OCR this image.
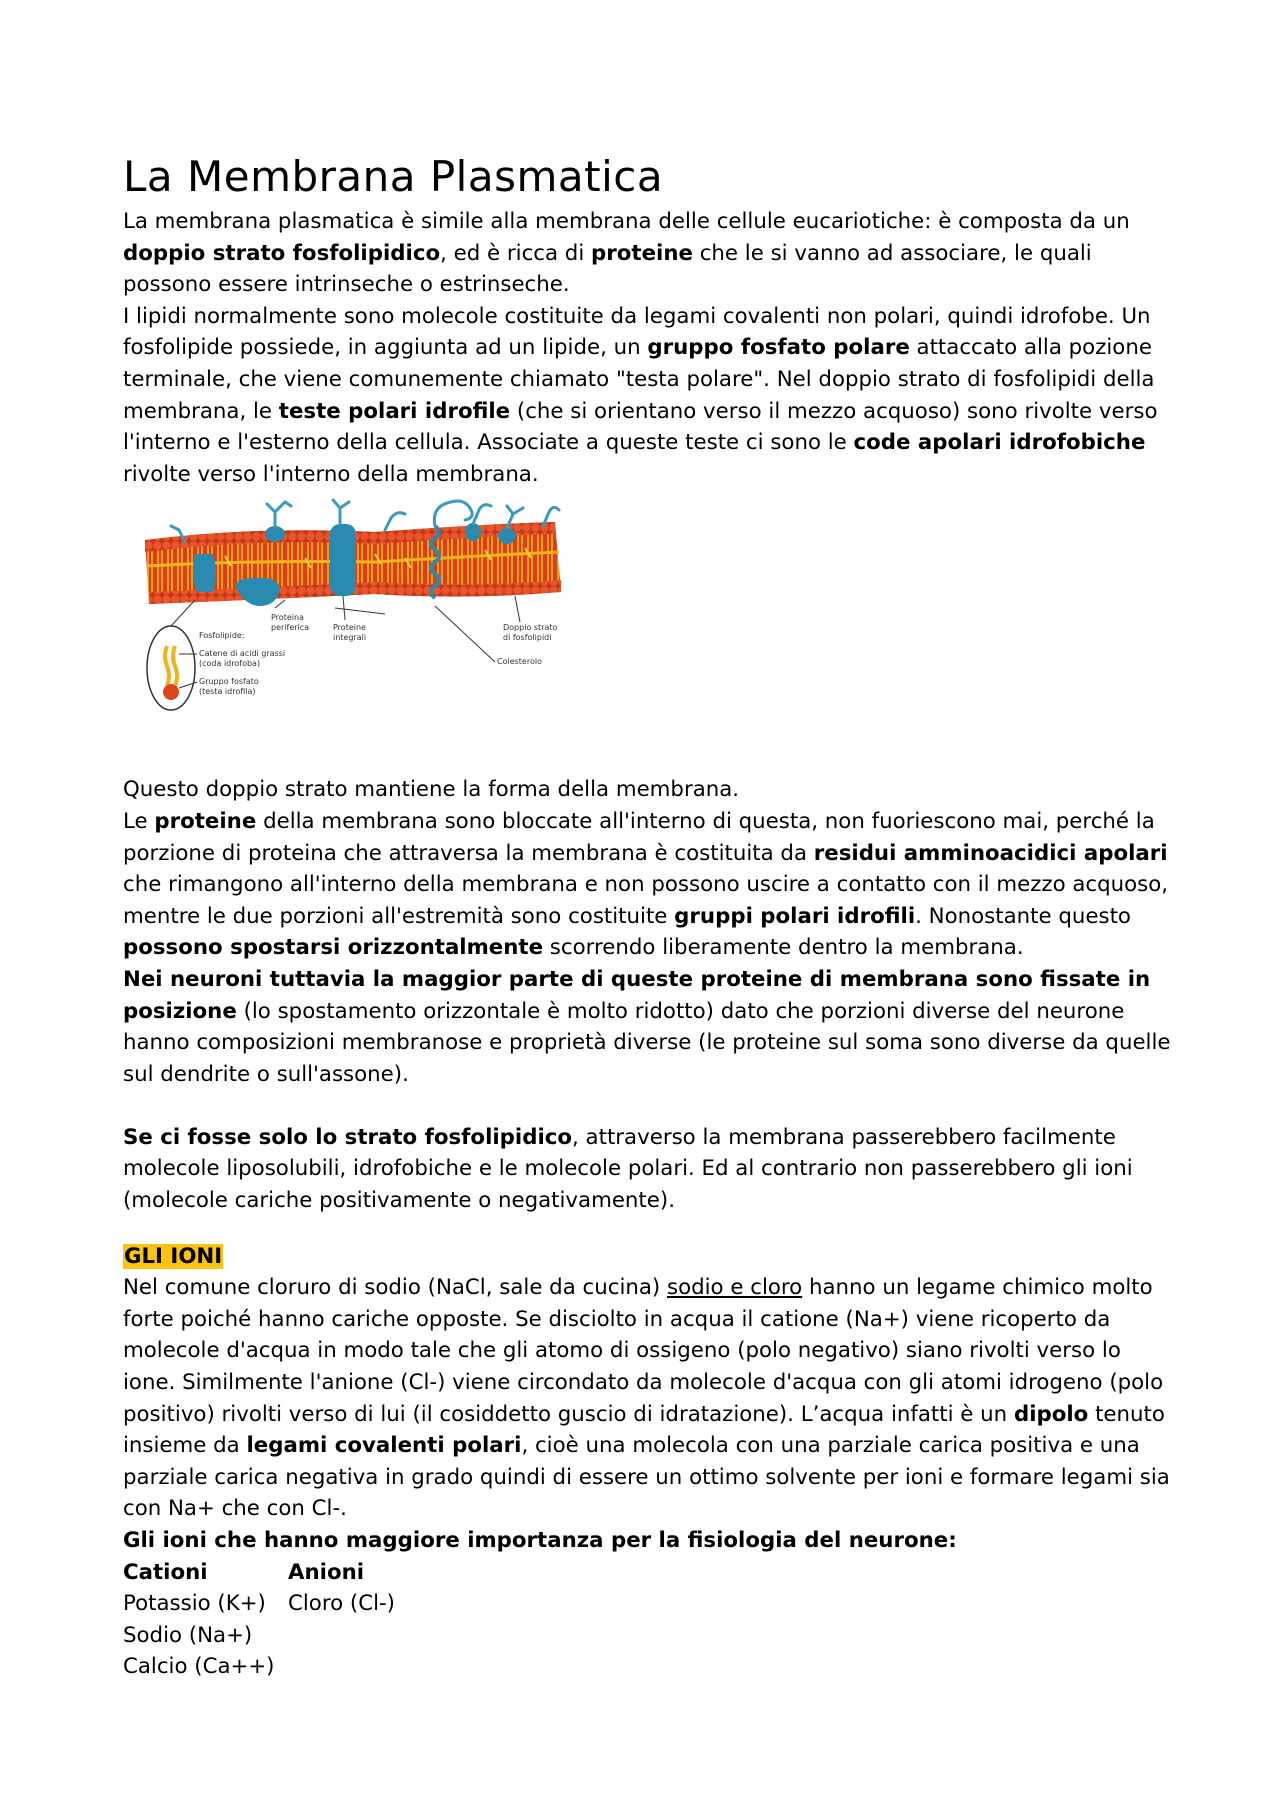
La Membrana Plasmatica

La membrana plasmatica è simile alla membrana delle cellule eucariotiche: è composta da un doppio strato fosfolipidico, ed è ricca di proteine che le si vanno ad associare, le quali possono essere intrinseche o estrinseche.

I lipidi normalmente sono molecole costituite da legami covalenti non polari, quindi idrofobe. Un fosfolipide possiede, in aggiunta ad un lipide, un gruppo fosfato polare attaccato alla pozione terminale, che viene comunemente chiamato "testa polare". Nel doppio strato di fosfolipidi della membrana, le teste polari idrofile (che si orientano verso il mezzo acquoso) sono rivolte verso l'interno e l'esterno della cellula. Associate a queste teste ci sono le code apolari idrofobiche rivolte verso l'interno della membrana.

Proteina
periferica	Proteine
integrali
Doppio strato
di fosfolipidi
Fosfolipide:
Catene di acidi grassi
(coda idrofoba)
Gruppo fosfato
(testa idrofila)
Colesterolo

Questo doppio strato mantiene la forma della membrana.

Le proteine della membrana sono bloccate all'interno di questa, non fuoriescono mai, perché la porzione di proteina che attraversa la membrana è costituita da residui amminoacidici apolari che rimangono all'interno della membrana e non possono uscire a contatto con il mezzo acquoso, mentre le due porzioni all'estremità sono costituite gruppi polari idrofili. Nonostante questo possono spostarsi orizzontalmente scorrendo liberamente dentro la membrana.

Nei neuroni tuttavia la maggior parte di queste proteine di membrana sono fissate in posizione (lo spostamento orizzontale è molto ridotto) dato che porzioni diverse del neurone hanno composizioni membranose e proprietà diverse (le proteine sul soma sono diverse da quelle sul dendrite o sull'assone).

Se ci fosse solo lo strato fosfolipidico, attraverso la membrana passerebbero facilmente molecole liposolubili, idrofobiche e le molecole polari. Ed al contrario non passerebbero gli ioni (molecole cariche positivamente o negativamente).

GLI IONI

Nel comune cloruro di sodio (NaCl, sale da cucina) sodio e cloro hanno un legame chimico molto forte poiché hanno cariche opposte. Se disciolto in acqua il catione (Na+) viene ricoperto da molecole d'acqua in modo tale che gli atomo di ossigeno (polo negativo) siano rivolti verso lo ione. Similmente l'anione (Cl-) viene circondato da molecole d'acqua con gli atomi idrogeno (polo positivo) rivolti verso di lui (il cosiddetto guscio di idratazione). L’acqua infatti è un dipolo tenuto insieme da legami covalenti polari, cioè una molecola con una parziale carica positiva e una parziale carica negativa in grado quindi di essere un ottimo solvente per ioni e formare legami sia con Na+ che con Cl-.

Gli ioni che hanno maggiore importanza per la fisiologia del neurone:

Cationi

Potassio (K+)

Sodio (Na+)

Calcio (Ca++)

Anioni

Cloro (Cl-)
